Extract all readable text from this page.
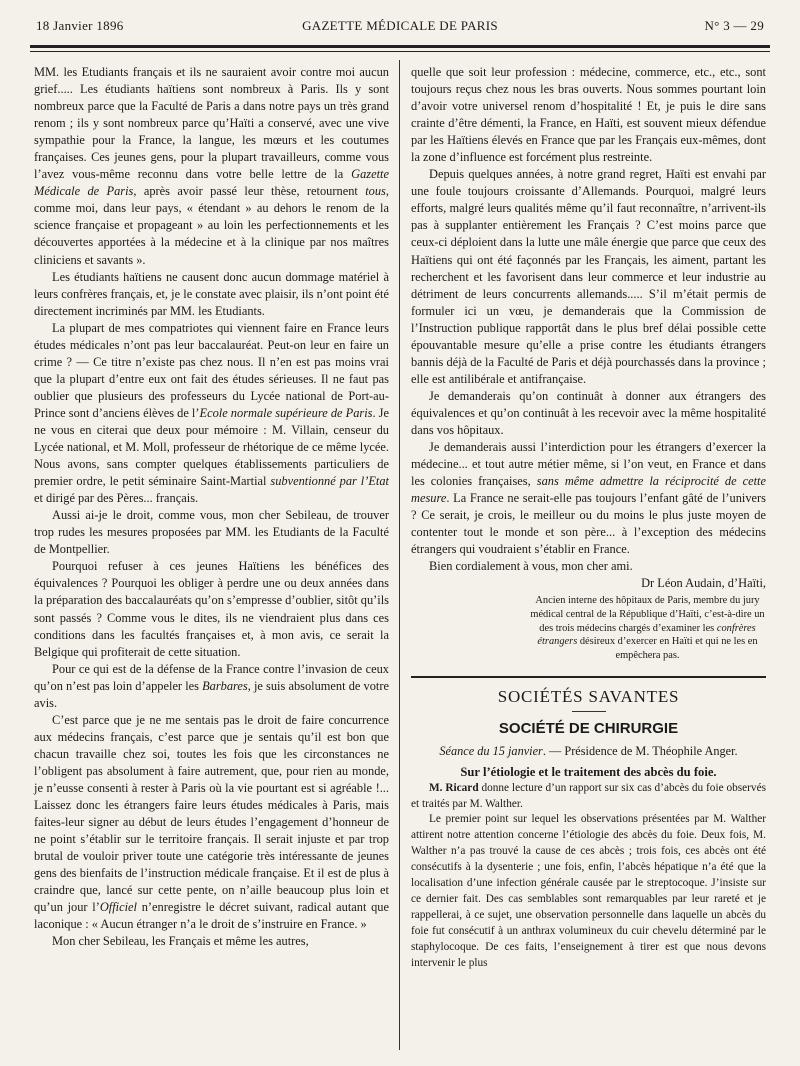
18 Janvier 1896	GAZETTE MÉDICALE DE PARIS	N° 3 — 29

MM. les Etudiants français et ils ne sauraient avoir contre moi aucun grief..... Les étudiants haïtiens sont nombreux à Paris. Ils y sont nombreux parce que la Faculté de Paris a dans notre pays un très grand renom ; ils y sont nombreux parce qu’Haïti a conservé, avec une vive sympathie pour la France, la langue, les mœurs et les coutumes françaises. Ces jeunes gens, pour la plupart travailleurs, comme vous l’avez vous-même reconnu dans votre belle lettre de la Gazette Médicale de Paris, après avoir passé leur thèse, retournent tous, comme moi, dans leur pays, « étendant » au dehors le renom de la science française et propageant » au loin les perfectionnements et les découvertes apportées à la médecine et à la clinique par nos maîtres cliniciens et savants ».

Les étudiants haïtiens ne causent donc aucun dommage matériel à leurs confrères français, et, je le constate avec plaisir, ils n’ont point été directement incriminés par MM. les Etudiants.

La plupart de mes compatriotes qui viennent faire en France leurs études médicales n’ont pas leur baccalauréat. Peut-on leur en faire un crime ? — Ce titre n’existe pas chez nous. Il n’en est pas moins vrai que la plupart d’entre eux ont fait des études sérieuses. Il ne faut pas oublier que plusieurs des professeurs du Lycée national de Port-au-Prince sont d’anciens élèves de l’Ecole normale supérieure de Paris. Je ne vous en citerai que deux pour mémoire : M. Villain, censeur du Lycée national, et M. Moll, professeur de rhétorique de ce même lycée. Nous avons, sans compter quelques établissements particuliers de premier ordre, le petit séminaire Saint-Martial subventionné par l’Etat et dirigé par des Pères... français.

Aussi ai-je le droit, comme vous, mon cher Sebileau, de trouver trop rudes les mesures proposées par MM. les Etudiants de la Faculté de Montpellier.

Pourquoi refuser à ces jeunes Haïtiens les bénéfices des équivalences ? Pourquoi les obliger à perdre une ou deux années dans la préparation des baccalauréats qu’on s’empresse d’oublier, sitôt qu’ils sont passés ? Comme vous le dites, ils ne viendraient plus dans ces conditions dans les facultés françaises et, à mon avis, ce serait la Belgique qui profiterait de cette situation.

Pour ce qui est de la défense de la France contre l’invasion de ceux qu’on n’est pas loin d’appeler les Barbares, je suis absolument de votre avis.

C’est parce que je ne me sentais pas le droit de faire concurrence aux médecins français, c’est parce que je sentais qu’il est bon que chacun travaille chez soi, toutes les fois que les circonstances ne l’obligent pas absolument à faire autrement, que, pour rien au monde, je n’eusse consenti à rester à Paris où la vie pourtant est si agréable !... Laissez donc les étrangers faire leurs études médicales à Paris, mais faites-leur signer au début de leurs études l’engagement d’honneur de ne point s’établir sur le territoire français. Il serait injuste et par trop brutal de vouloir priver toute une catégorie très intéressante de jeunes gens des bienfaits de l’instruction médicale française. Et il est de plus à craindre que, lancé sur cette pente, on n’aille beaucoup plus loin et qu’un jour l’Officiel n’enregistre le décret suivant, radical autant que laconique : « Aucun étranger n’a le droit de s’instruire en France. »

Mon cher Sebileau, les Français et même les autres,

quelle que soit leur profession : médecine, commerce, etc., etc., sont toujours reçus chez nous les bras ouverts. Nous sommes pourtant loin d’avoir votre universel renom d’hospitalité ! Et, je puis le dire sans crainte d’être démenti, la France, en Haïti, est souvent mieux défendue par les Haïtiens élevés en France que par les Français eux-mêmes, dont la zone d’influence est forcément plus restreinte.

Depuis quelques années, à notre grand regret, Haïti est envahi par une foule toujours croissante d’Allemands. Pourquoi, malgré leurs efforts, malgré leurs qualités même qu’il faut reconnaître, n’arrivent-ils pas à supplanter entièrement les Français ? C’est moins parce que ceux-ci déploient dans la lutte une mâle énergie que parce que ceux des Haïtiens qui ont été façonnés par les Français, les aiment, partant les recherchent et les favorisent dans leur commerce et leur industrie au détriment de leurs concurrents allemands..... S’il m’était permis de formuler ici un vœu, je demanderais que la Commission de l’Instruction publique rapportât dans le plus bref délai possible cette épouvantable mesure qu’elle a prise contre les étudiants étrangers bannis déjà de la Faculté de Paris et déjà pourchassés dans la province ; elle est antilibérale et antifrançaise.

Je demanderais qu’on continuât à donner aux étrangers des équivalences et qu’on continuât à les recevoir avec la même hospitalité dans vos hôpitaux.

Je demanderais aussi l’interdiction pour les étrangers d’exercer la médecine... et tout autre métier même, si l’on veut, en France et dans les colonies françaises, sans même admettre la réciprocité de cette mesure. La France ne serait-elle pas toujours l’enfant gâté de l’univers ? Ce serait, je crois, le meilleur ou du moins le plus juste moyen de contenter tout le monde et son père... à l’exception des médecins étrangers qui voudraient s’établir en France.

Bien cordialement à vous, mon cher ami.

Dr Léon Audain, d’Haïti,
Ancien interne des hôpitaux de Paris, membre du jury médical central de la République d’Haïti, c’est-à-dire un des trois médecins chargés d’examiner les confrères étrangers désireux d’exercer en Haïti et qui ne les en empêchera pas.
SOCIÉTÉS SAVANTES
SOCIÉTÉ DE CHIRURGIE
Séance du 15 janvier. — Présidence de M. Théophile Anger.
Sur l’étiologie et le traitement des abcès du foie.

M. Ricard donne lecture d’un rapport sur six cas d’abcès du foie observés et traités par M. Walther.

Le premier point sur lequel les observations présentées par M. Walther attirent notre attention concerne l’étiologie des abcès du foie. Deux fois, M. Walther n’a pas trouvé la cause de ces abcès ; trois fois, ces abcès ont été consécutifs à la dysenterie ; une fois, enfin, l’abcès hépatique n’a été que la localisation d’une infection générale causée par le streptocoque. J’insiste sur ce dernier fait. Des cas semblables sont remarquables par leur rareté et je rappellerai, à ce sujet, une observation personnelle dans laquelle un abcès du foie fut consécutif à un anthrax volumineux du cuir chevelu déterminé par le staphylocoque. De ces faits, l’enseignement à tirer est que nous devons intervenir le plus
